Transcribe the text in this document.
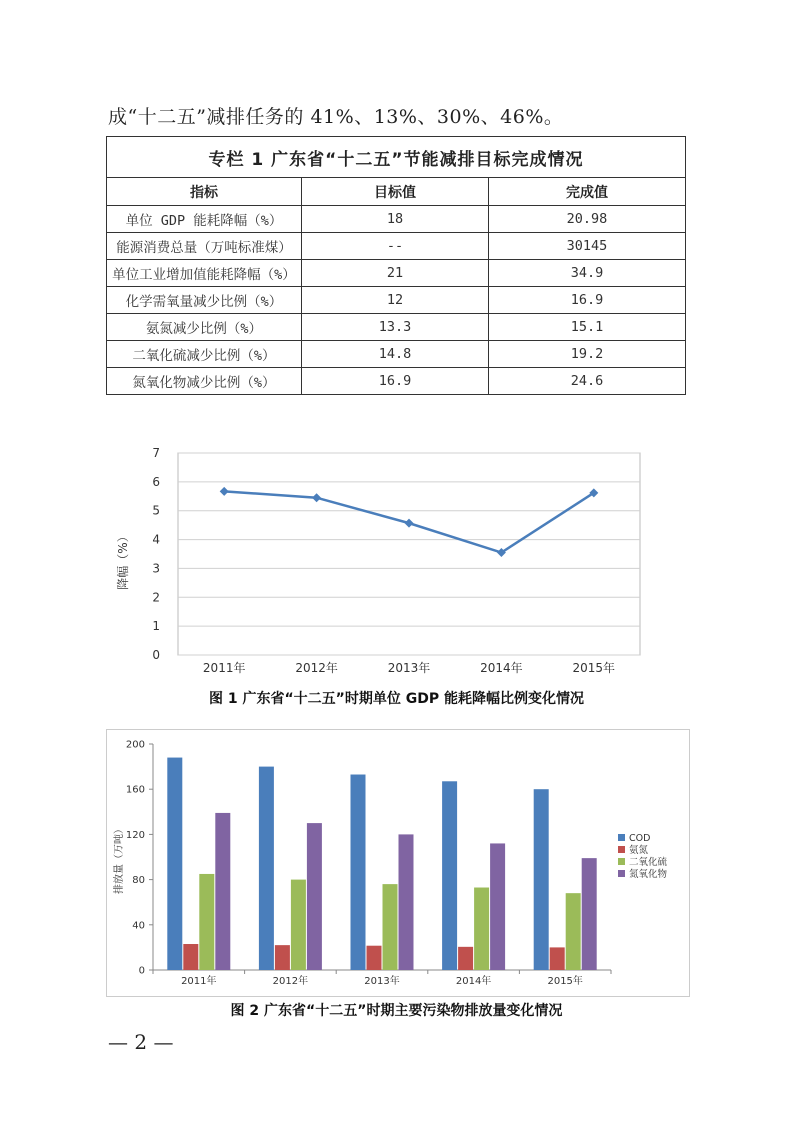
成“十二五”减排任务的 41%、13%、30%、46%。
专栏 1 广东省“十二五”节能减排目标完成情况		
指标	目标值	完成值
单位 GDP 能耗降幅（%）	18	20.98
能源消费总量（万吨标准煤）	--	30145
单位工业增加值能耗降幅（%）	21	34.9
化学需氧量减少比例（%）	12	16.9
氨氮减少比例（%）	13.3	15.1
二氧化硫减少比例（%）	14.8	19.2
氮氧化物减少比例（%）	16.9	24.6
降幅（%）
0
1
2
3
4
5
6
7
2011年	2012年	2013年	2014年	2015年
图 1 广东省“十二五”时期单位 GDP 能耗降幅比例变化情况
排放量（万吨）
0
40
80
120
160
200
2011年	2012年	2013年	2014年	2015年
COD
氨氮
二氧化硫
氮氧化物
图 2 广东省“十二五”时期主要污染物排放量变化情况
— 2 —
